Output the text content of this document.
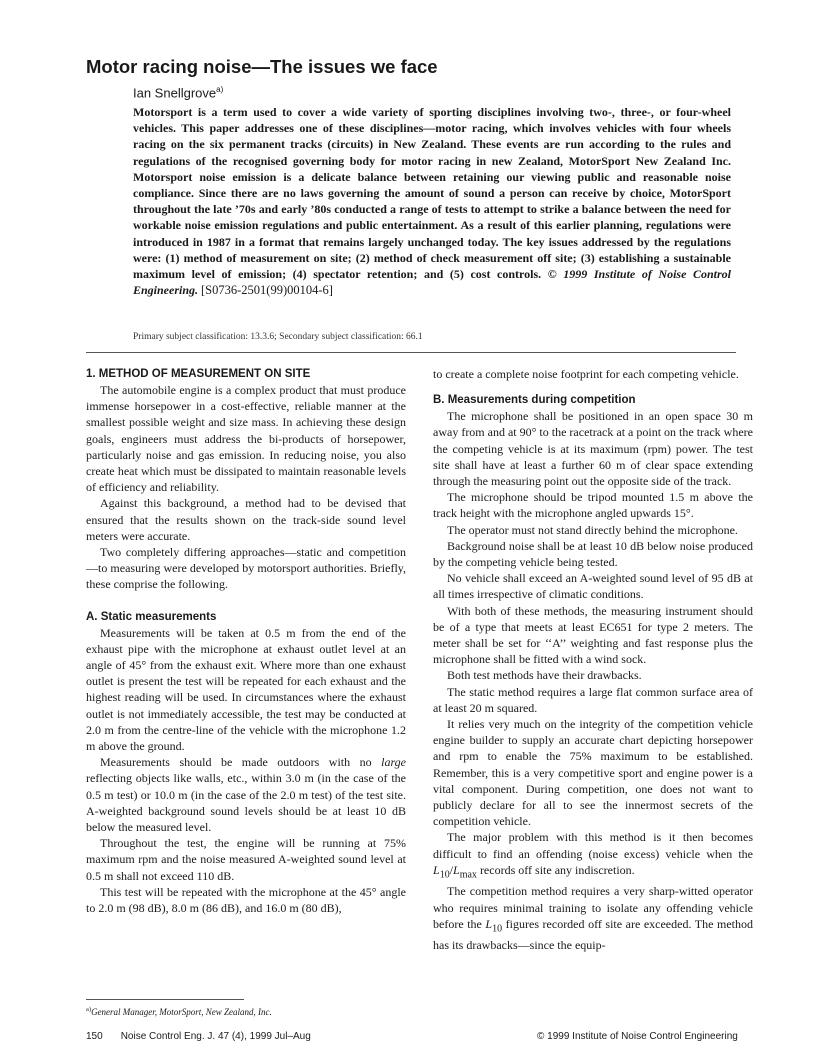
Motor racing noise—The issues we face
Ian Snellgrove$^{a)}$
Motorsport is a term used to cover a wide variety of sporting disciplines involving two-, three-, or four-wheel vehicles. This paper addresses one of these disciplines—motor racing, which involves vehicles with four wheels racing on the six permanent tracks (circuits) in New Zealand. These events are run according to the rules and regulations of the recognised governing body for motor racing in new Zealand, MotorSport New Zealand Inc. Motorsport noise emission is a delicate balance between retaining our viewing public and reasonable noise compliance. Since there are no laws governing the amount of sound a person can receive by choice, MotorSport throughout the late ’70s and early ’80s conducted a range of tests to attempt to strike a balance between the need for workable noise emission regulations and public entertainment. As a result of this earlier planning, regulations were introduced in 1987 in a format that remains largely unchanged today. The key issues addressed by the regulations were: (1) method of measurement on site; (2) method of check measurement off site; (3) establishing a sustainable maximum level of emission; (4) spectator retention; and (5) cost controls. © 1999 Institute of Noise Control Engineering. [S0736-2501(99)00104-6]
Primary subject classification: 13.3.6; Secondary subject classification: 66.1
1. METHOD OF MEASUREMENT ON SITE

The automobile engine is a complex product that must produce immense horsepower in a cost-effective, reliable manner at the smallest possible weight and size mass. In achieving these design goals, engineers must address the bi-products of horsepower, particularly noise and gas emission. In reducing noise, you also create heat which must be dissipated to maintain reasonable levels of efficiency and reliability.

Against this background, a method had to be devised that ensured that the results shown on the track-side sound level meters were accurate.

Two completely differing approaches—static and competition—to measuring were developed by motorsport authorities. Briefly, these comprise the following.

A. Static measurements

Measurements will be taken at 0.5 m from the end of the exhaust pipe with the microphone at exhaust outlet level at an angle of 45° from the exhaust exit. Where more than one exhaust outlet is present the test will be repeated for each exhaust and the highest reading will be used. In circumstances where the exhaust outlet is not immediately accessible, the test may be conducted at 2.0 m from the centre-line of the vehicle with the microphone 1.2 m above the ground.

Measurements should be made outdoors with no large reflecting objects like walls, etc., within 3.0 m (in the case of the 0.5 m test) or 10.0 m (in the case of the 2.0 m test) of the test site. A-weighted background sound levels should be at least 10 dB below the measured level.

Throughout the test, the engine will be running at 75% maximum rpm and the noise measured A-weighted sound level at 0.5 m shall not exceed 110 dB.

This test will be repeated with the microphone at the 45° angle to 2.0 m (98 dB), 8.0 m (86 dB), and 16.0 m (80 dB),

to create a complete noise footprint for each competing vehicle.

B. Measurements during competition

The microphone shall be positioned in an open space 30 m away from and at 90° to the racetrack at a point on the track where the competing vehicle is at its maximum (rpm) power. The test site shall have at least a further 60 m of clear space extending through the measuring point out the opposite side of the track.

The microphone should be tripod mounted 1.5 m above the track height with the microphone angled upwards 15°.

The operator must not stand directly behind the microphone.

Background noise shall be at least 10 dB below noise produced by the competing vehicle being tested.

No vehicle shall exceed an A-weighted sound level of 95 dB at all times irrespective of climatic conditions.

With both of these methods, the measuring instrument should be of a type that meets at least EC651 for type 2 meters. The meter shall be set for ‘‘A’’ weighting and fast response plus the microphone shall be fitted with a wind sock.

Both test methods have their drawbacks.

The static method requires a large flat common surface area of at least 20 m squared.

It relies very much on the integrity of the competition vehicle engine builder to supply an accurate chart depicting horsepower and rpm to enable the 75% maximum to be established. Remember, this is a very competitive sport and engine power is a vital component. During competition, one does not want to publicly declare for all to see the innermost secrets of the competition vehicle.

The major problem with this method is it then becomes difficult to find an offending (noise excess) vehicle when the $L_{10}/L_{max}$ records off site any indiscretion.

The competition method requires a very sharp-witted operator who requires minimal training to isolate any offending vehicle before the $L_{10}$ figures recorded off site are exceeded. The method has its drawbacks—since the equip-

$^{a)}$General Manager, MotorSport, New Zealand, Inc.
150 Noise Control Eng. J. 47 (4), 1999 Jul–Aug	© 1999 Institute of Noise Control Engineering
